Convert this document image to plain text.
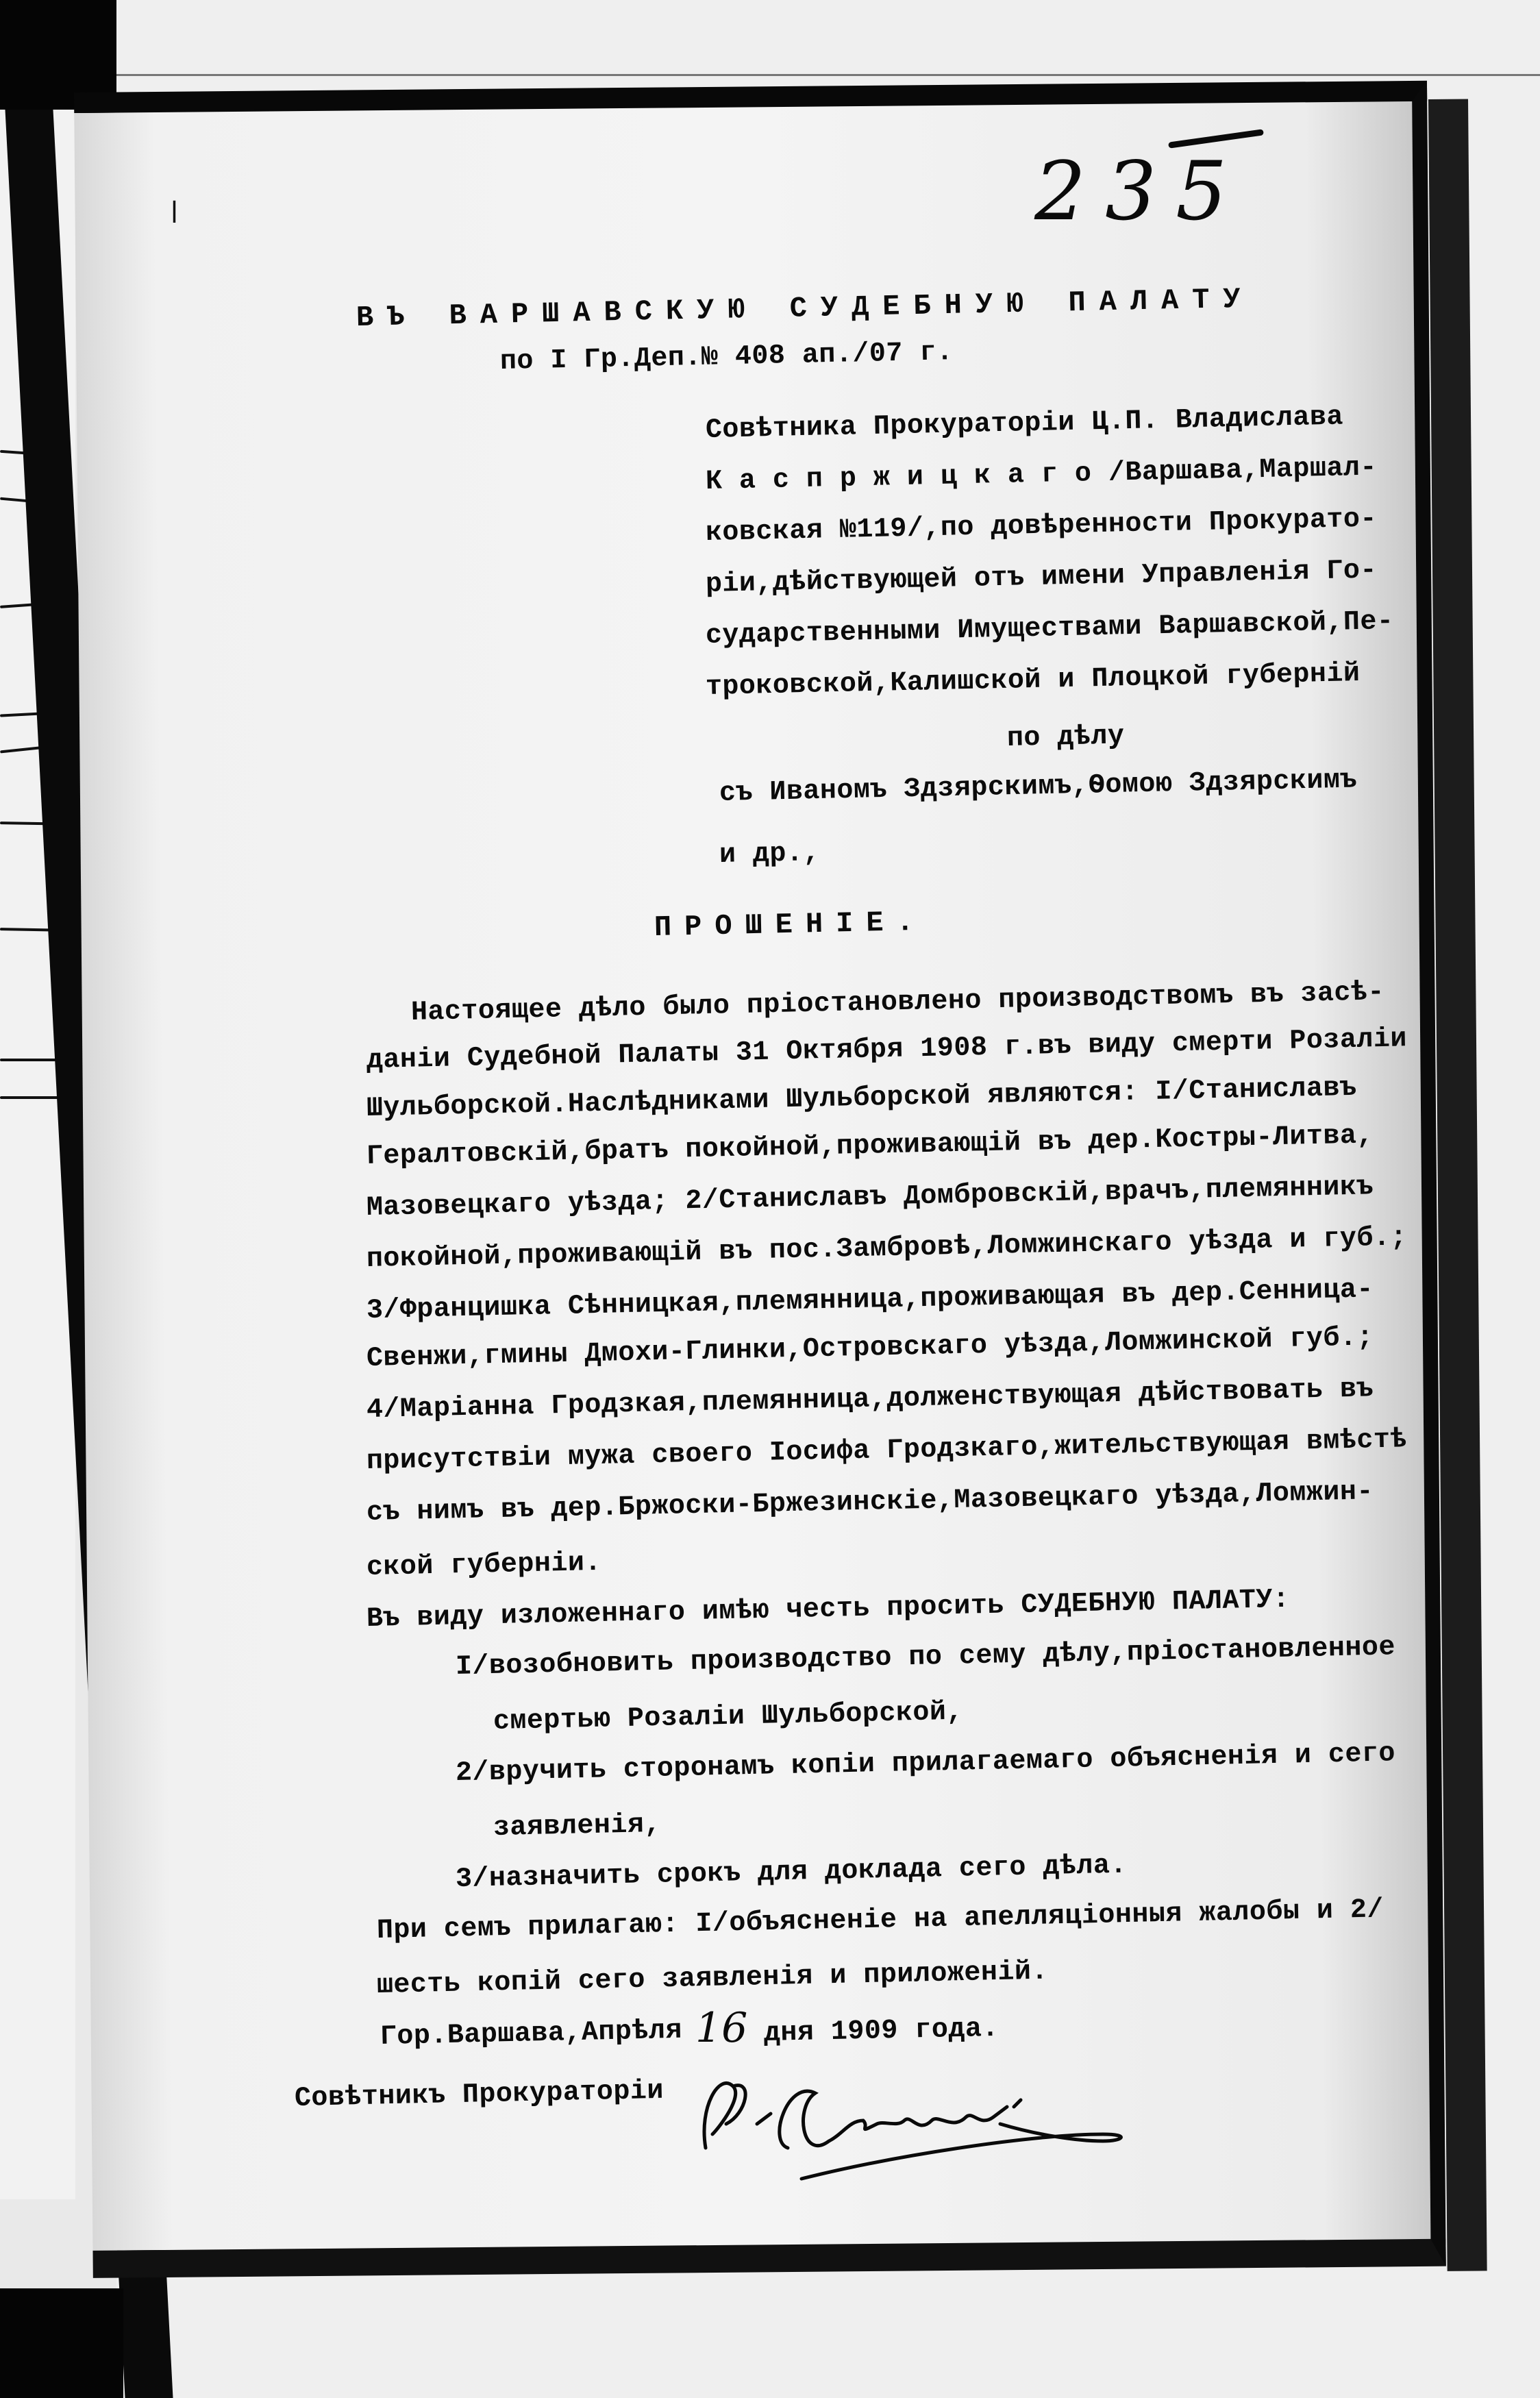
235
ǀ
ВЪ ВАРШАВСКУЮ СУДЕБНУЮ ПАЛАТУ
по I Гр.Деп.№ 408 ап./07 г.
Совѣтника Прокураторіи Ц.П. Владислава
К а с п р ж и ц к а г о /Варшава,Маршал-
ковская №119/,по довѣренности Прокурато-
ріи,дѣйствующей отъ имени Управленія Го-
сударственными Имуществами Варшавской,Пе-
троковской,Калишской и Плоцкой губерній
по дѣлу
съ Иваномъ Здзярскимъ,Ѳомою Здзярскимъ
и др.,
ПРОШЕНІЕ.
Настоящее дѣло было пріостановлено производствомъ въ засѣ-
даніи Судебной Палаты 31 Октября 1908 г.въ виду смерти Розаліи
Шульборской.Наслѣдниками Шульборской являются: I/Станиславъ
Гералтовскій,братъ покойной,проживающій въ дер.Костры-Литва,
Мазовецкаго уѣзда; 2/Станиславъ Домбровскій,врачъ,племянникъ
покойной,проживающій въ пос.Замбровѣ,Ломжинскаго уѣзда и губ.;
3/Францишка Сѣнницкая,племянница,проживающая въ дер.Сенница-
Свенжи,гмины Дмохи-Глинки,Островскаго уѣзда,Ломжинской губ.;
4/Маріанна Гродзкая,племянница,долженствующая дѣйствовать въ
присутствіи мужа своего Іосифа Гродзкаго,жительствующая вмѣстѣ
съ нимъ въ дер.Бржоски-Бржезинскіе,Мазовецкаго уѣзда,Ломжин-
ской губерніи.
Въ виду изложеннаго имѣю честь просить СУДЕБНУЮ ПАЛАТУ:
I/возобновить производство по сему дѣлу,пріостановленное
смертью Розаліи Шульборской,
2/вручить сторонамъ копіи прилагаемаго объясненія и сего
заявленія,
3/назначить срокъ для доклада сего дѣла.
При семъ прилагаю: I/объясненіе на апелляціонныя жалобы и 2/
шесть копій сего заявленія и приложеній.
Гор.Варшава,Апрѣля 16 дня 1909 года.
Совѣтникъ Прокураторіи
